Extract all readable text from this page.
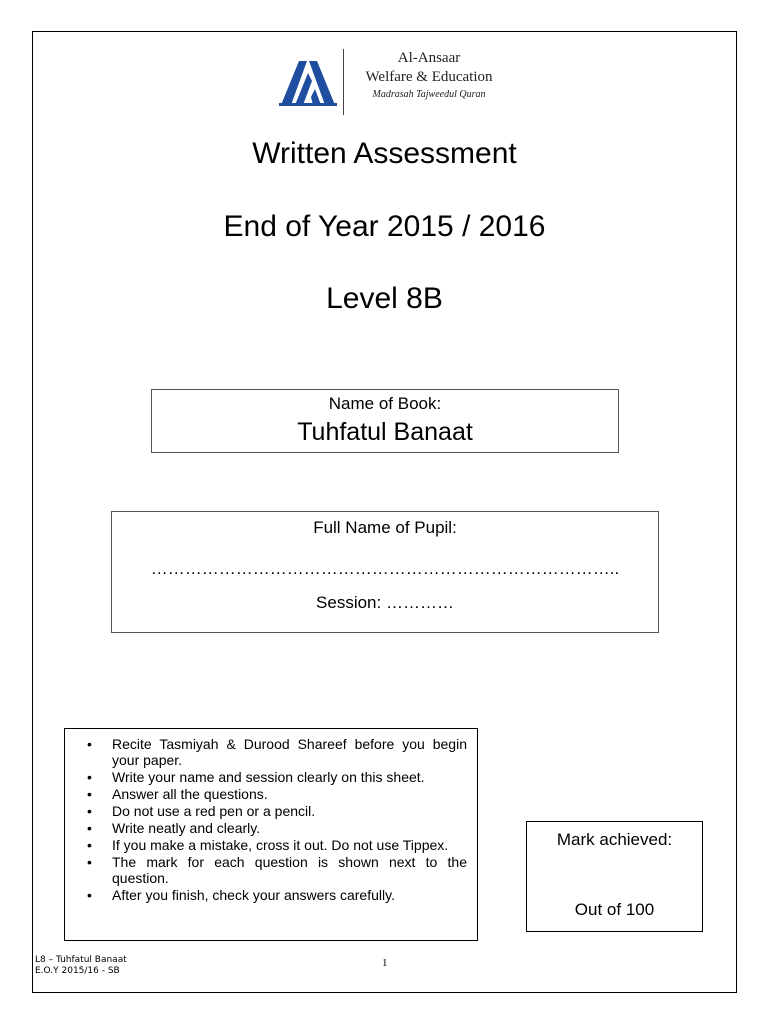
Al-Ansaar
Welfare & Education
Madrasah Tajweedul Quran
Written Assessment
End of Year 2015 / 2016
Level 8B
Name of Book:
Tuhfatul Banaat
Full Name of Pupil:
………………………………………………………………………..
Session: …………
• Recite Tasmiyah & Durood Shareef before you begin your paper.
• Write your name and session clearly on this sheet.
• Answer all the questions.
• Do not use a red pen or a pencil.
• Write neatly and clearly.
• If you make a mistake, cross it out. Do not use Tippex.
• The mark for each question is shown next to the question.
• After you finish, check your answers carefully.
Mark achieved:
Out of 100
L8 – Tuhfatul Banaat
E.O.Y 2015/16 - SB
1
